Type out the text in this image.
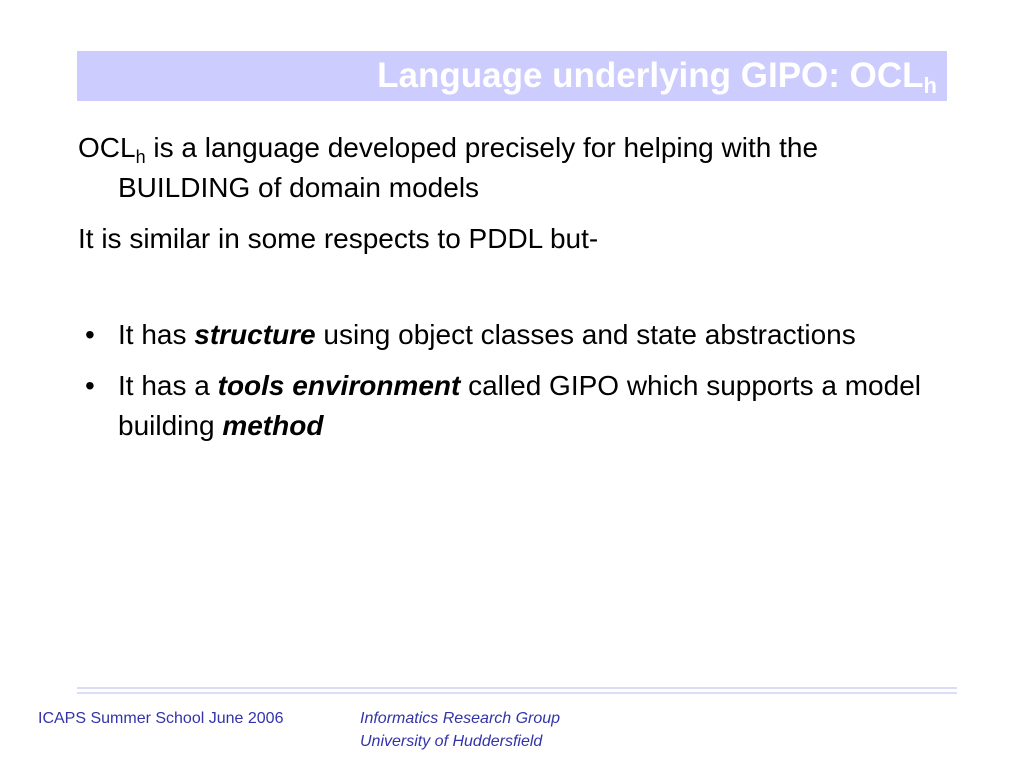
Language underlying GIPO: $OCL_h$

$OCL_h$ is a language developed precisely for helping with the BUILDING of domain models

It is similar in some respects to PDDL but-

• It has structure using object classes and state abstractions
• It has a tools environment called GIPO which supports a model building method
ICAPS Summer School June 2006	Informatics Research Group
University of Huddersfield
